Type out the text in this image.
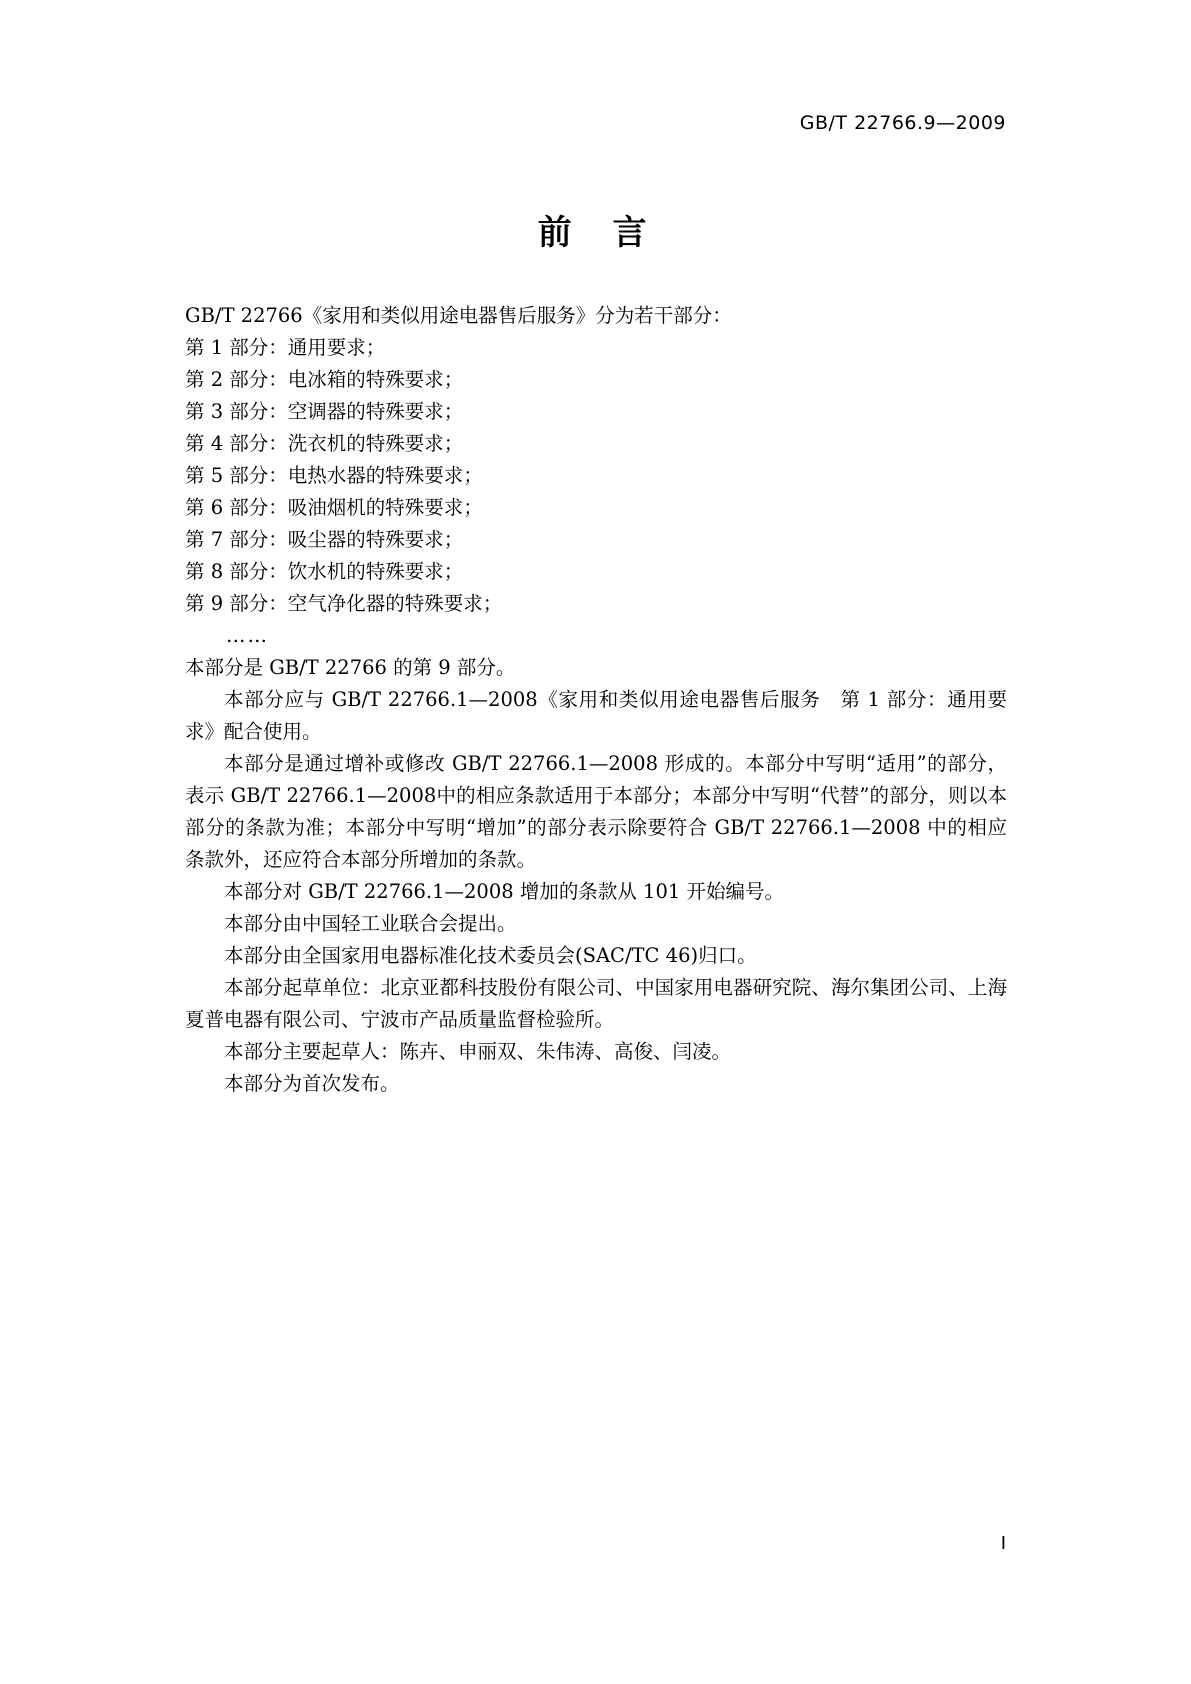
GB/T 22766.9—2009
前 言

GB/T 22766《家用和类似用途电器售后服务》分为若干部分：

第 1 部分：通用要求；

第 2 部分：电冰箱的特殊要求；

第 3 部分：空调器的特殊要求；

第 4 部分：洗衣机的特殊要求；

第 5 部分：电热水器的特殊要求；

第 6 部分：吸油烟机的特殊要求；

第 7 部分：吸尘器的特殊要求；

第 8 部分：饮水机的特殊要求；

第 9 部分：空气净化器的特殊要求；

……

本部分是 GB/T 22766 的第 9 部分。

本部分应与 GB/T 22766.1—2008《家用和类似用途电器售后服务　第 1 部分：通用要求》配合使用。

本部分是通过增补或修改 GB/T 22766.1—2008 形成的。本部分中写明“适用”的部分，表示 GB/T 22766.1—2008中的相应条款适用于本部分；本部分中写明“代替”的部分，则以本部分的条款为准；本部分中写明“增加”的部分表示除要符合 GB/T 22766.1—2008 中的相应条款外，还应符合本部分所增加的条款。

本部分对 GB/T 22766.1—2008 增加的条款从 101 开始编号。

本部分由中国轻工业联合会提出。

本部分由全国家用电器标准化技术委员会(SAC/TC 46)归口。

本部分起草单位：北京亚都科技股份有限公司、中国家用电器研究院、海尔集团公司、上海夏普电器有限公司、宁波市产品质量监督检验所。

本部分主要起草人：陈卉、申丽双、朱伟涛、高俊、闫凌。

本部分为首次发布。

I
